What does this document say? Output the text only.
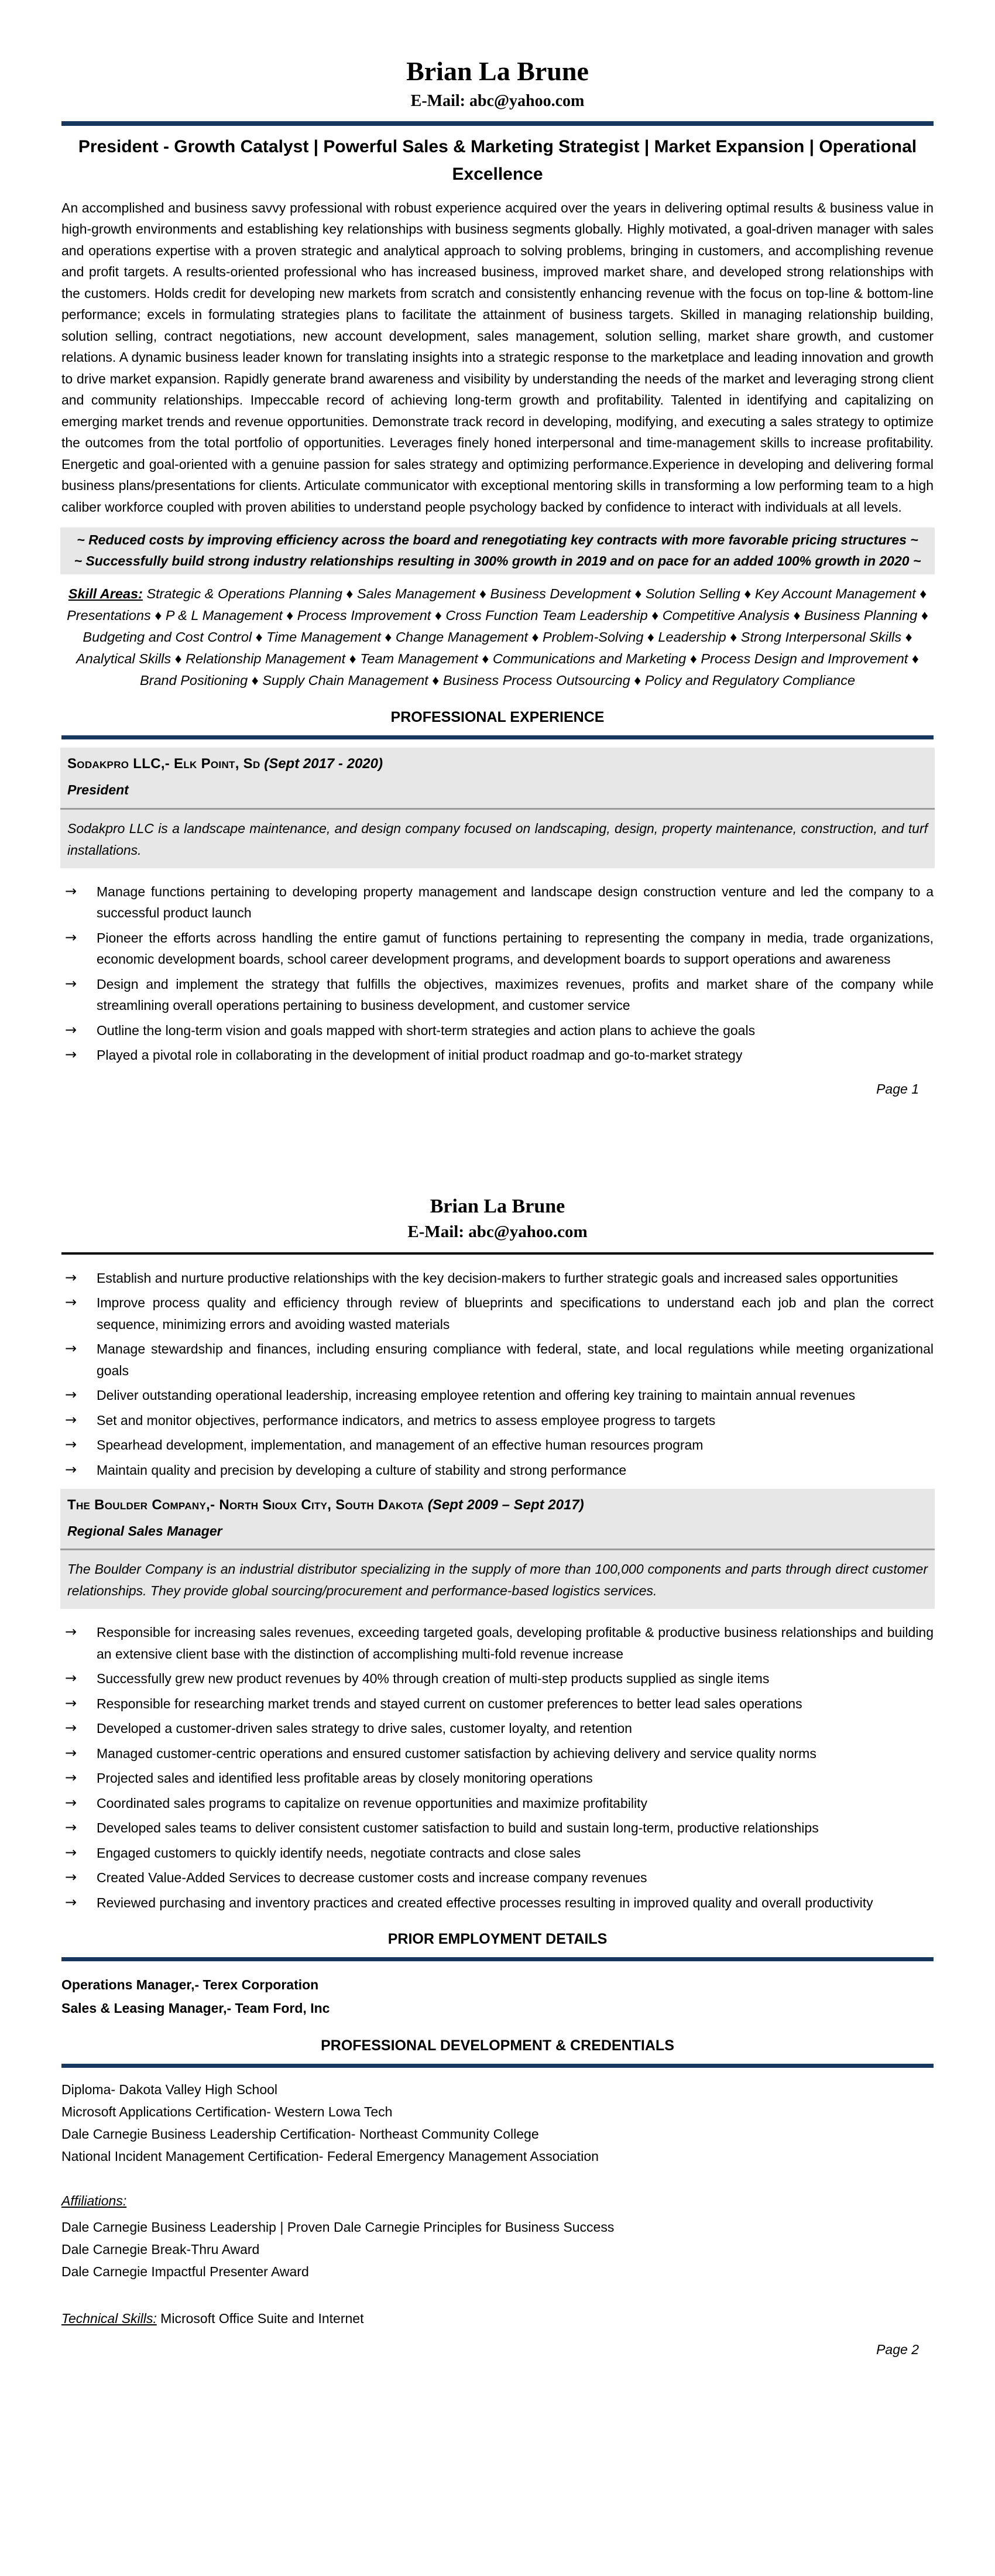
Brian La Brune
E-Mail: abc@yahoo.com
President - Growth Catalyst | Powerful Sales & Marketing Strategist | Market Expansion | Operational Excellence
An accomplished and business savvy professional with robust experience acquired over the years in delivering optimal results & business value in high-growth environments and establishing key relationships with business segments globally. Highly motivated, a goal-driven manager with sales and operations expertise with a proven strategic and analytical approach to solving problems, bringing in customers, and accomplishing revenue and profit targets. A results-oriented professional who has increased business, improved market share, and developed strong relationships with the customers. Holds credit for developing new markets from scratch and consistently enhancing revenue with the focus on top-line & bottom-line performance; excels in formulating strategies plans to facilitate the attainment of business targets. Skilled in managing relationship building, solution selling, contract negotiations, new account development, sales management, solution selling, market share growth, and customer relations. A dynamic business leader known for translating insights into a strategic response to the marketplace and leading innovation and growth to drive market expansion. Rapidly generate brand awareness and visibility by understanding the needs of the market and leveraging strong client and community relationships. Impeccable record of achieving long-term growth and profitability. Talented in identifying and capitalizing on emerging market trends and revenue opportunities. Demonstrate track record in developing, modifying, and executing a sales strategy to optimize the outcomes from the total portfolio of opportunities. Leverages finely honed interpersonal and time-management skills to increase profitability. Energetic and goal-oriented with a genuine passion for sales strategy and optimizing performance.Experience in developing and delivering formal business plans/presentations for clients. Articulate communicator with exceptional mentoring skills in transforming a low performing team to a high caliber workforce coupled with proven abilities to understand people psychology backed by confidence to interact with individuals at all levels.

~ Reduced costs by improving efficiency across the board and renegotiating key contracts with more favorable pricing structures ~

~ Successfully build strong industry relationships resulting in 300% growth in 2019 and on pace for an added 100% growth in 2020 ~

Skill Areas: Strategic & Operations Planning ♦ Sales Management ♦ Business Development ♦ Solution Selling ♦ Key Account Management ♦ Presentations ♦ P & L Management ♦ Process Improvement ♦ Cross Function Team Leadership ♦ Competitive Analysis ♦ Business Planning ♦ Budgeting and Cost Control ♦ Time Management ♦ Change Management ♦ Problem-Solving ♦ Leadership ♦ Strong Interpersonal Skills ♦ Analytical Skills ♦ Relationship Management ♦ Team Management ♦ Communications and Marketing ♦ Process Design and Improvement ♦ Brand Positioning ♦ Supply Chain Management ♦ Business Process Outsourcing ♦ Policy and Regulatory Compliance
PROFESSIONAL EXPERIENCE
Sodakpro LLC,- Elk Point, Sd (Sept 2017 - 2020)
President

Sodakpro LLC is a landscape maintenance, and design company focused on landscaping, design, property maintenance, construction, and turf installations.

→ Manage functions pertaining to developing property management and landscape design construction venture and led the company to a successful product launch
→ Pioneer the efforts across handling the entire gamut of functions pertaining to representing the company in media, trade organizations, economic development boards, school career development programs, and development boards to support operations and awareness
→ Design and implement the strategy that fulfills the objectives, maximizes revenues, profits and market share of the company while streamlining overall operations pertaining to business development, and customer service
→ Outline the long-term vision and goals mapped with short-term strategies and action plans to achieve the goals
→ Played a pivotal role in collaborating in the development of initial product roadmap and go-to-market strategy
Page 1
Brian La Brune
E-Mail: abc@yahoo.com
→ Establish and nurture productive relationships with the key decision-makers to further strategic goals and increased sales opportunities
→ Improve process quality and efficiency through review of blueprints and specifications to understand each job and plan the correct sequence, minimizing errors and avoiding wasted materials
→ Manage stewardship and finances, including ensuring compliance with federal, state, and local regulations while meeting organizational goals
→ Deliver outstanding operational leadership, increasing employee retention and offering key training to maintain annual revenues
→ Set and monitor objectives, performance indicators, and metrics to assess employee progress to targets
→ Spearhead development, implementation, and management of an effective human resources program
→ Maintain quality and precision by developing a culture of stability and strong performance
The Boulder Company,- North Sioux City, South Dakota (Sept 2009 – Sept 2017)
Regional Sales Manager

The Boulder Company is an industrial distributor specializing in the supply of more than 100,000 components and parts through direct customer relationships. They provide global sourcing/procurement and performance-based logistics services.

→ Responsible for increasing sales revenues, exceeding targeted goals, developing profitable & productive business relationships and building an extensive client base with the distinction of accomplishing multi-fold revenue increase
→ Successfully grew new product revenues by 40% through creation of multi-step products supplied as single items
→ Responsible for researching market trends and stayed current on customer preferences to better lead sales operations
→ Developed a customer-driven sales strategy to drive sales, customer loyalty, and retention
→ Managed customer-centric operations and ensured customer satisfaction by achieving delivery and service quality norms
→ Projected sales and identified less profitable areas by closely monitoring operations
→ Coordinated sales programs to capitalize on revenue opportunities and maximize profitability
→ Developed sales teams to deliver consistent customer satisfaction to build and sustain long-term, productive relationships
→ Engaged customers to quickly identify needs, negotiate contracts and close sales
→ Created Value-Added Services to decrease customer costs and increase company revenues
→ Reviewed purchasing and inventory practices and created effective processes resulting in improved quality and overall productivity
PRIOR EMPLOYMENT DETAILS
Operations Manager,- Terex Corporation
Sales & Leasing Manager,- Team Ford, Inc
PROFESSIONAL DEVELOPMENT & CREDENTIALS
Diploma- Dakota Valley High School
Microsoft Applications Certification- Western Lowa Tech
Dale Carnegie Business Leadership Certification- Northeast Community College
National Incident Management Certification- Federal Emergency Management Association
Affiliations:
Dale Carnegie Business Leadership | Proven Dale Carnegie Principles for Business Success
Dale Carnegie Break-Thru Award
Dale Carnegie Impactful Presenter Award
Technical Skills: Microsoft Office Suite and Internet
Page 2
